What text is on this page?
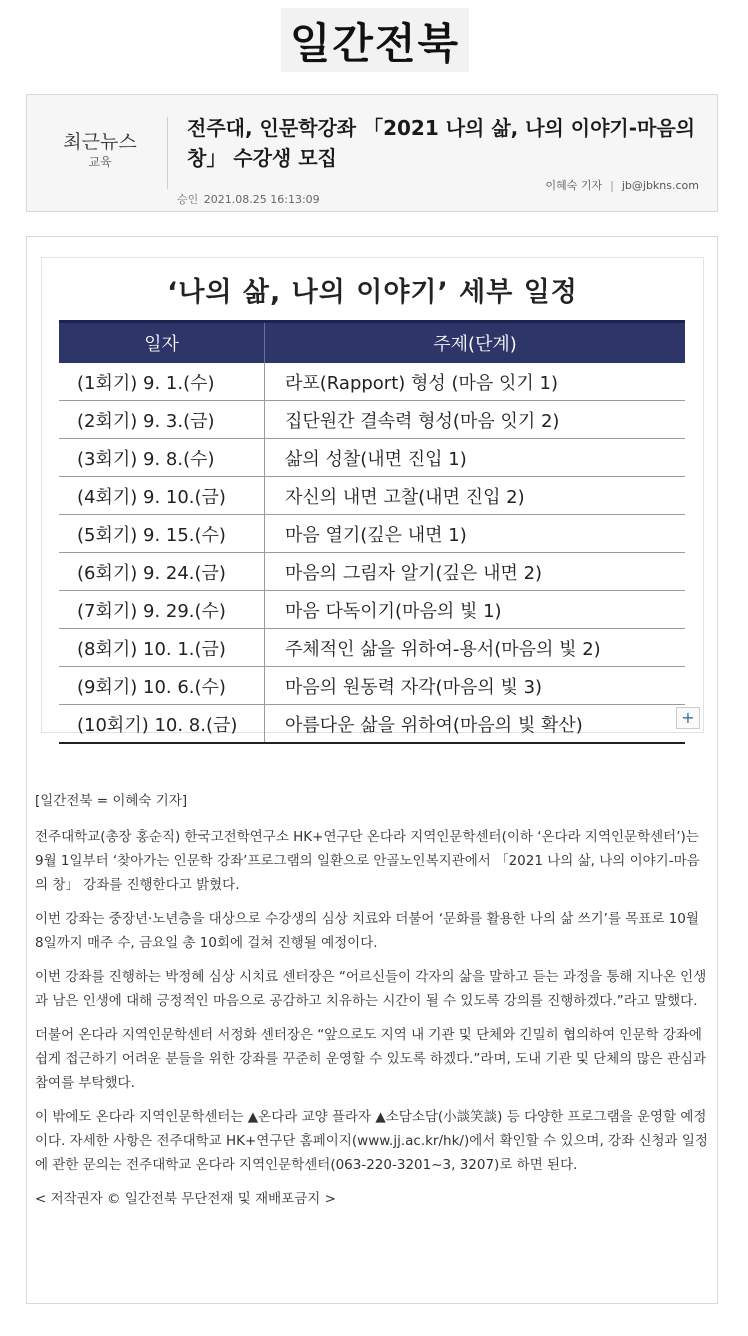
일간전북
최근뉴스
교육
전주대, 인문학강좌 「2021 나의 삶, 나의 이야기-마음의 창」 수강생 모집
이혜숙 기자 | jb@jbkns.com
승인 2021.08.25 16:13:09
‘나의 삶, 나의 이야기’ 세부 일정
일자	주제(단계)
(1회기) 9. 1.(수)	라포(Rapport) 형성 (마음 잇기 1)
(2회기) 9. 3.(금)	집단원간 결속력 형성(마음 잇기 2)
(3회기) 9. 8.(수)	삶의 성찰(내면 진입 1)
(4회기) 9. 10.(금)	자신의 내면 고찰(내면 진입 2)
(5회기) 9. 15.(수)	마음 열기(깊은 내면 1)
(6회기) 9. 24.(금)	마음의 그림자 알기(깊은 내면 2)
(7회기) 9. 29.(수)	마음 다독이기(마음의 빛 1)
(8회기) 10. 1.(금)	주체적인 삶을 위하여-용서(마음의 빛 2)
(9회기) 10. 6.(수)	마음의 원동력 자각(마음의 빛 3)
(10회기) 10. 8.(금)	아름다운 삶을 위하여(마음의 빛 확산)	+

[일간전북 = 이혜숙 기자]

전주대학교(총장 홍순직) 한국고전학연구소 HK+연구단 온다라 지역인문학센터(이하 ‘온다라 지역인문학센터’)는 9월 1일부터 ‘찾아가는 인문학 강좌’프로그램의 일환으로 안골노인복지관에서 「2021 나의 삶, 나의 이야기-마음의 창」 강좌를 진행한다고 밝혔다.

이번 강좌는 중장년·노년층을 대상으로 수강생의 심상 치료와 더불어 ‘문화를 활용한 나의 삶 쓰기’를 목표로 10월 8일까지 매주 수, 금요일 총 10회에 걸쳐 진행될 예정이다.

이번 강좌를 진행하는 박정혜 심상 시치료 센터장은 “어르신들이 각자의 삶을 말하고 듣는 과정을 통해 지나온 인생과 남은 인생에 대해 긍정적인 마음으로 공감하고 치유하는 시간이 될 수 있도록 강의를 진행하겠다.”라고 말했다.

더불어 온다라 지역인문학센터 서정화 센터장은 “앞으로도 지역 내 기관 및 단체와 긴밀히 협의하여 인문학 강좌에 쉽게 접근하기 어려운 분들을 위한 강좌를 꾸준히 운영할 수 있도록 하겠다.”라며, 도내 기관 및 단체의 많은 관심과 참여를 부탁했다.

이 밖에도 온다라 지역인문학센터는 ▲온다라 교양 플라자 ▲소담소담(小談笑談) 등 다양한 프로그램을 운영할 예정이다. 자세한 사항은 전주대학교 HK+연구단 홈페이지(www.jj.ac.kr/hk/)에서 확인할 수 있으며, 강좌 신청과 일정에 관한 문의는 전주대학교 온다라 지역인문학센터(063-220-3201~3, 3207)로 하면 된다.

< 저작권자 © 일간전북 무단전재 및 재배포금지 >
